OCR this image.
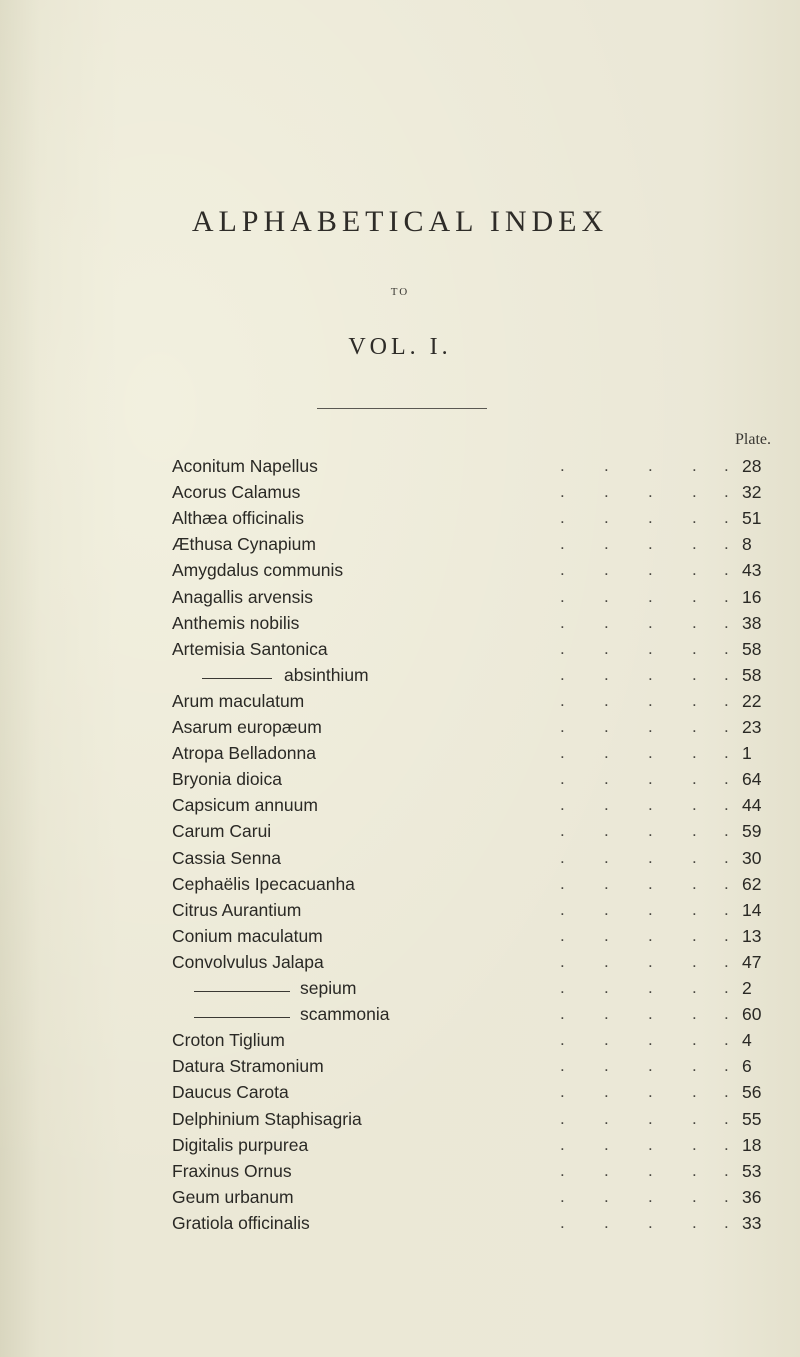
ALPHABETICAL INDEX
TO
VOL. I.
Plate.
Aconitum Napellus	. . . . . 28
Acorus Calamus	. . . . . 32
Althæa officinalis	. . . . . 51
Æthusa Cynapium	. . . . . 8
Amygdalus communis	. . . . . 43
Anagallis arvensis	. . . . . 16
Anthemis nobilis	. . . . . 38
Artemisia Santonica	. . . . . 58
absinthium	. . . . . 58
Arum maculatum	. . . . . 22
Asarum europæum	. . . . . 23
Atropa Belladonna	. . . . . 1
Bryonia dioica	. . . . . 64
Capsicum annuum	. . . . . 44
Carum Carui	. . . . . 59
Cassia Senna	. . . . . 30
Cephaëlis Ipecacuanha	. . . . . 62
Citrus Aurantium	. . . . . 14
Conium maculatum	. . . . . 13
Convolvulus Jalapa	. . . . . 47
sepium	. . . . . 2
scammonia	. . . . . 60
Croton Tiglium	. . . . . 4
Datura Stramonium	. . . . . 6
Daucus Carota	. . . . . 56
Delphinium Staphisagria	. . . . . 55
Digitalis purpurea	. . . . . 18
Fraxinus Ornus	. . . . . 53
Geum urbanum	. . . . . 36
Gratiola officinalis	. . . . . 33
